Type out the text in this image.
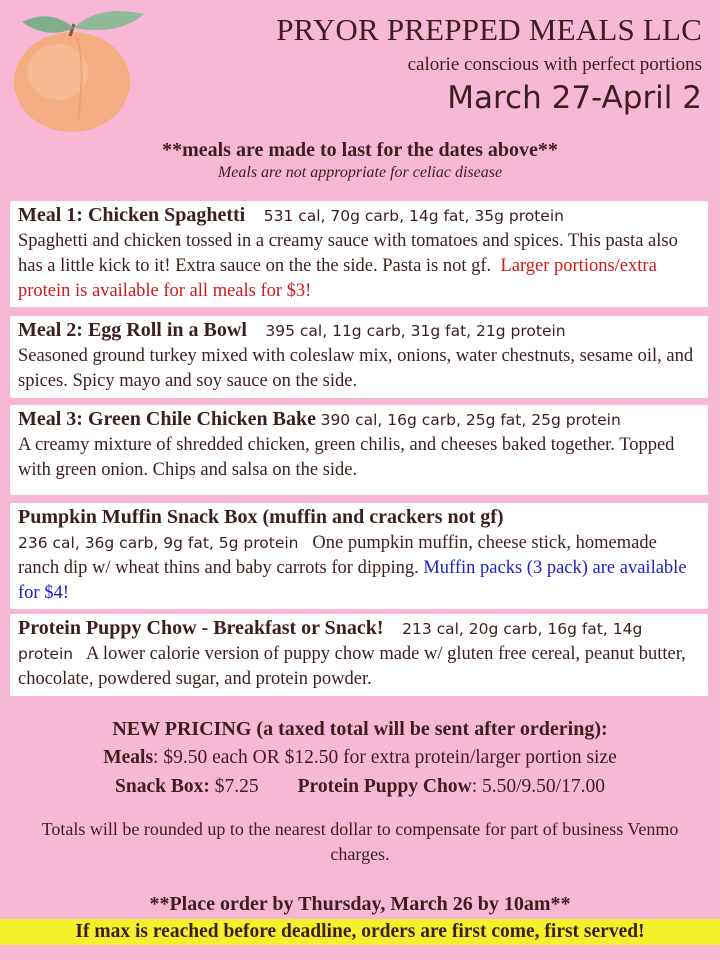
PRYOR PREPPED MEALS LLC
calorie conscious with perfect portions
March 27-April 2
**meals are made to last for the dates above**
Meals are not appropriate for celiac disease
Meal 1: Chicken Spaghetti 531 cal, 70g carb, 14g fat, 35g protein
Spaghetti and chicken tossed in a creamy sauce with tomatoes and spices. This pasta also has a little kick to it! Extra sauce on the the side. Pasta is not gf. Larger portions/extra protein is available for all meals for $3!
Meal 2: Egg Roll in a Bowl 395 cal, 11g carb, 31g fat, 21g protein
Seasoned ground turkey mixed with coleslaw mix, onions, water chestnuts, sesame oil, and spices. Spicy mayo and soy sauce on the side.
Meal 3: Green Chile Chicken Bake 390 cal, 16g carb, 25g fat, 25g protein
A creamy mixture of shredded chicken, green chilis, and cheeses baked together. Topped with green onion. Chips and salsa on the side.
Pumpkin Muffin Snack Box (muffin and crackers not gf)
236 cal, 36g carb, 9g fat, 5g protein One pumpkin muffin, cheese stick, homemade ranch dip w/ wheat thins and baby carrots for dipping. Muffin packs (3 pack) are available for $4!
Protein Puppy Chow - Breakfast or Snack! 213 cal, 20g carb, 16g fat, 14g protein A lower calorie version of puppy chow made w/ gluten free cereal, peanut butter, chocolate, powdered sugar, and protein powder.
NEW PRICING (a taxed total will be sent after ordering):
Meals: $9.50 each OR $12.50 for extra protein/larger portion size
Snack Box: $7.25 Protein Puppy Chow: 5.50/9.50/17.00
Totals will be rounded up to the nearest dollar to compensate for part of business Venmo charges.
**Place order by Thursday, March 26 by 10am**
If max is reached before deadline, orders are first come, first served!
